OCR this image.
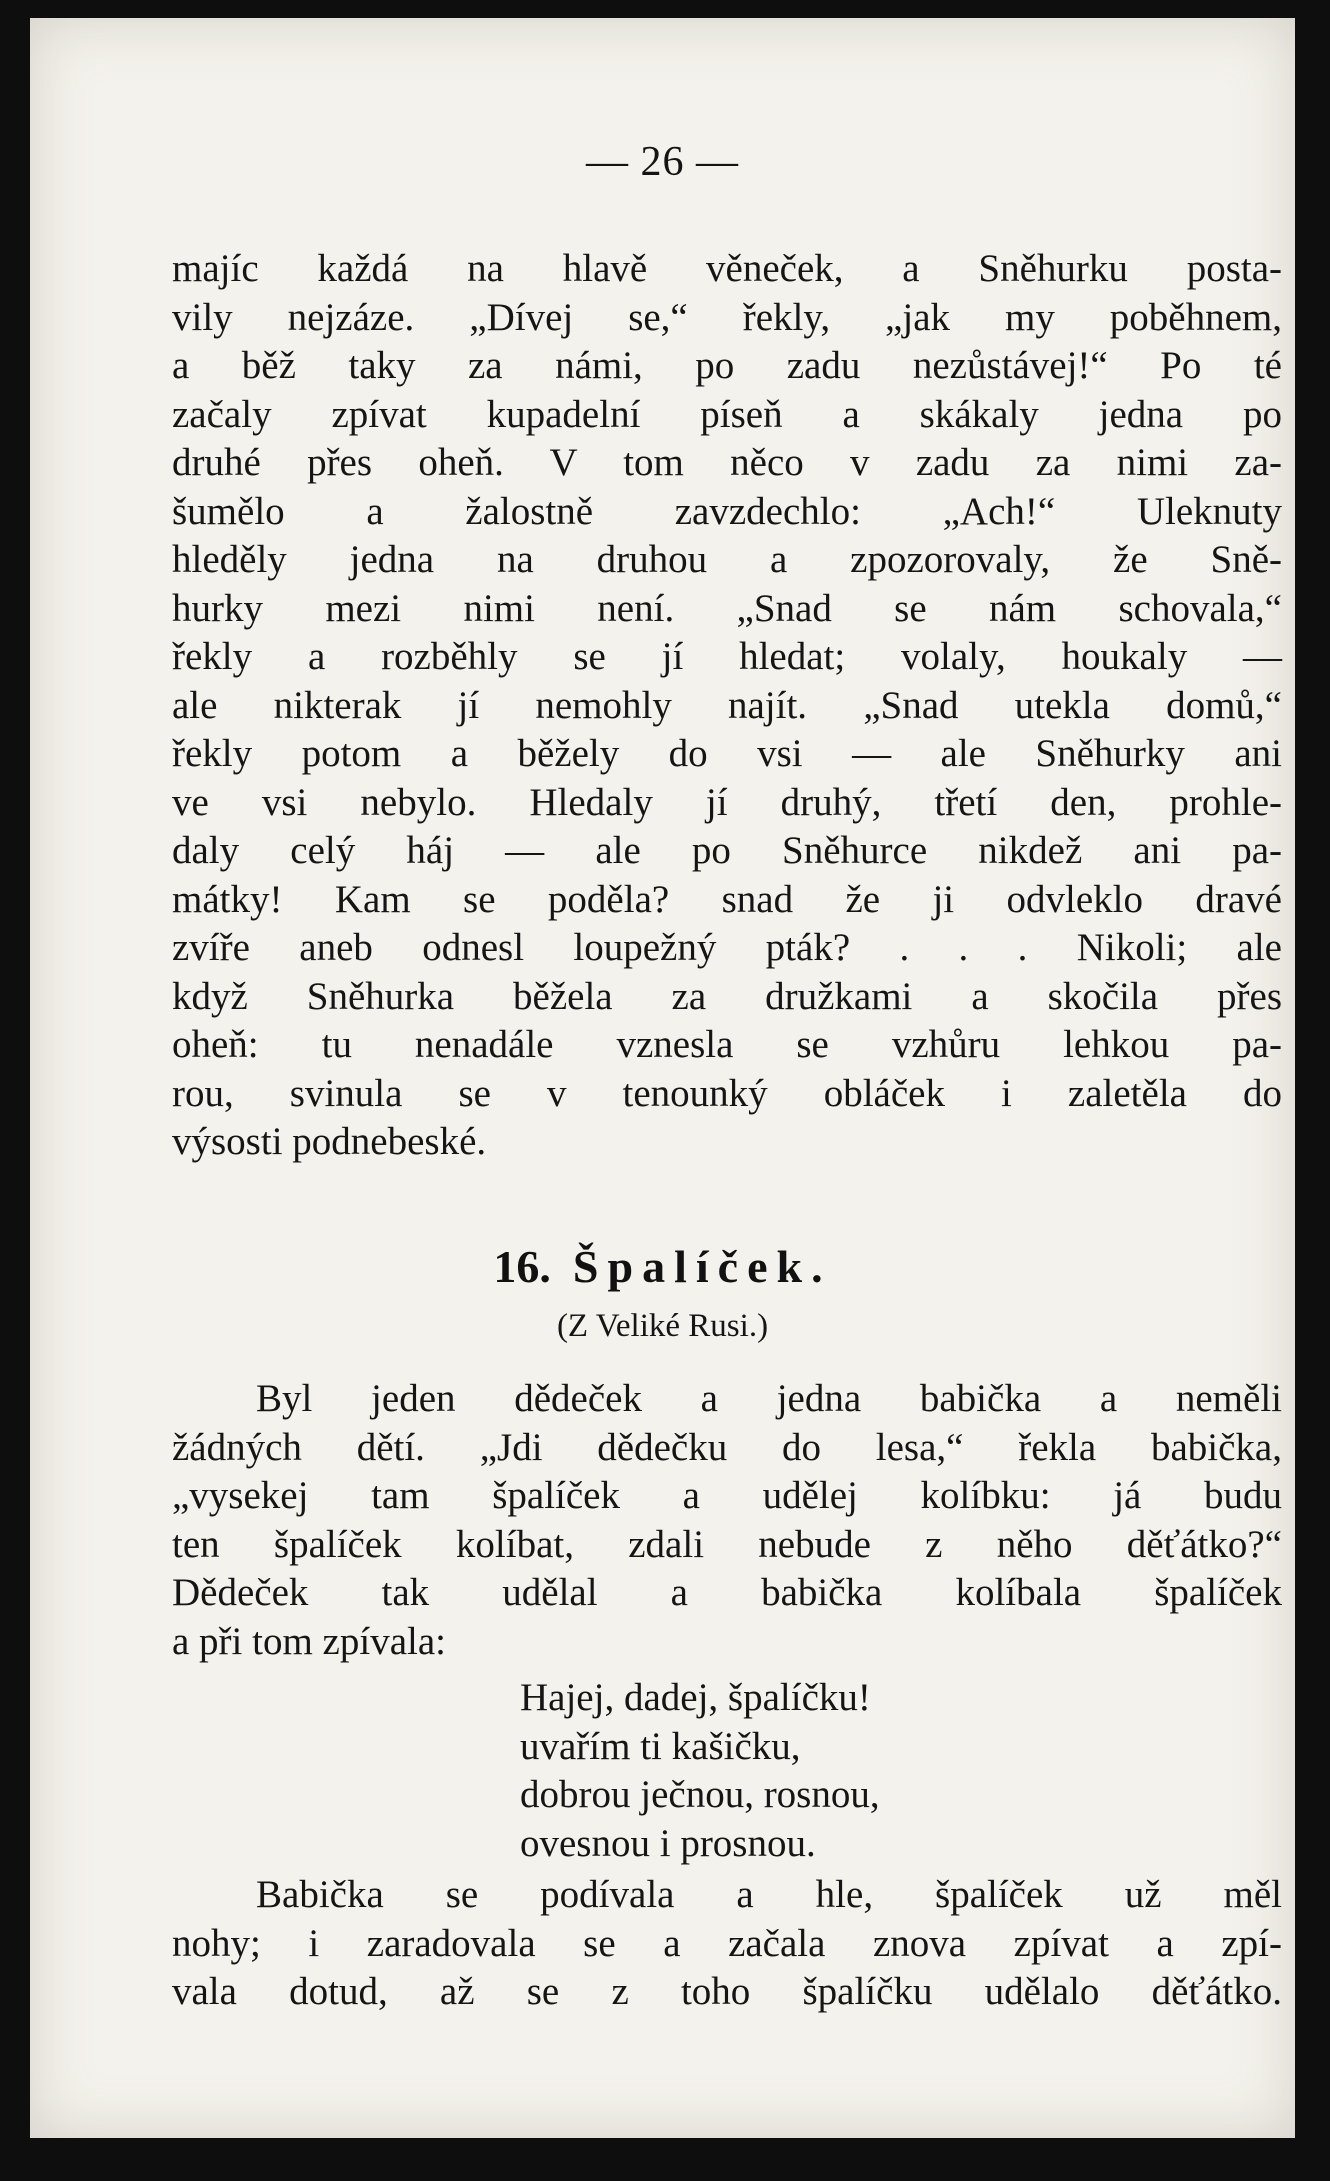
— 26 —
majíc každá na hlavě věneček, a Sněhurku posta-
vily nejzáze. „Dívej se,“ řekly, „jak my poběhnem,
a běž taky za námi, po zadu nezůstávej!“ Po té
začaly zpívat kupadelní píseň a skákaly jedna po
druhé přes oheň. V tom něco v zadu za nimi za-
šumělo a žalostně zavzdechlo: „Ach!“ Uleknuty
hleděly jedna na druhou a zpozorovaly, že Sně-
hurky mezi nimi není. „Snad se nám schovala,“
řekly a rozběhly se jí hledat; volaly, houkaly —
ale nikterak jí nemohly najít. „Snad utekla domů,“
řekly potom a běžely do vsi — ale Sněhurky ani
ve vsi nebylo. Hledaly jí druhý, třetí den, prohle-
daly celý háj — ale po Sněhurce nikdež ani pa-
mátky! Kam se poděla? snad že ji odvleklo dravé
zvíře aneb odnesl loupežný pták? . . . Nikoli; ale
když Sněhurka běžela za družkami a skočila přes
oheň: tu nenadále vznesla se vzhůru lehkou pa-
rou, svinula se v tenounký obláček i zaletěla do
výsosti podnebeské.
16. Špalíček.
(Z Veliké Rusi.)
Byl jeden dědeček a jedna babička a neměli
žádných dětí. „Jdi dědečku do lesa,“ řekla babička,
„vysekej tam špalíček a udělej kolíbku: já budu
ten špalíček kolíbat, zdali nebude z něho děťátko?“
Dědeček tak udělal a babička kolíbala špalíček
a při tom zpívala:
Hajej, dadej, špalíčku!
uvařím ti kašičku,
dobrou ječnou, rosnou,
ovesnou i prosnou.
Babička se podívala a hle, špalíček už měl
nohy; i zaradovala se a začala znova zpívat a zpí-
vala dotud, až se z toho špalíčku udělalo děťátko.
